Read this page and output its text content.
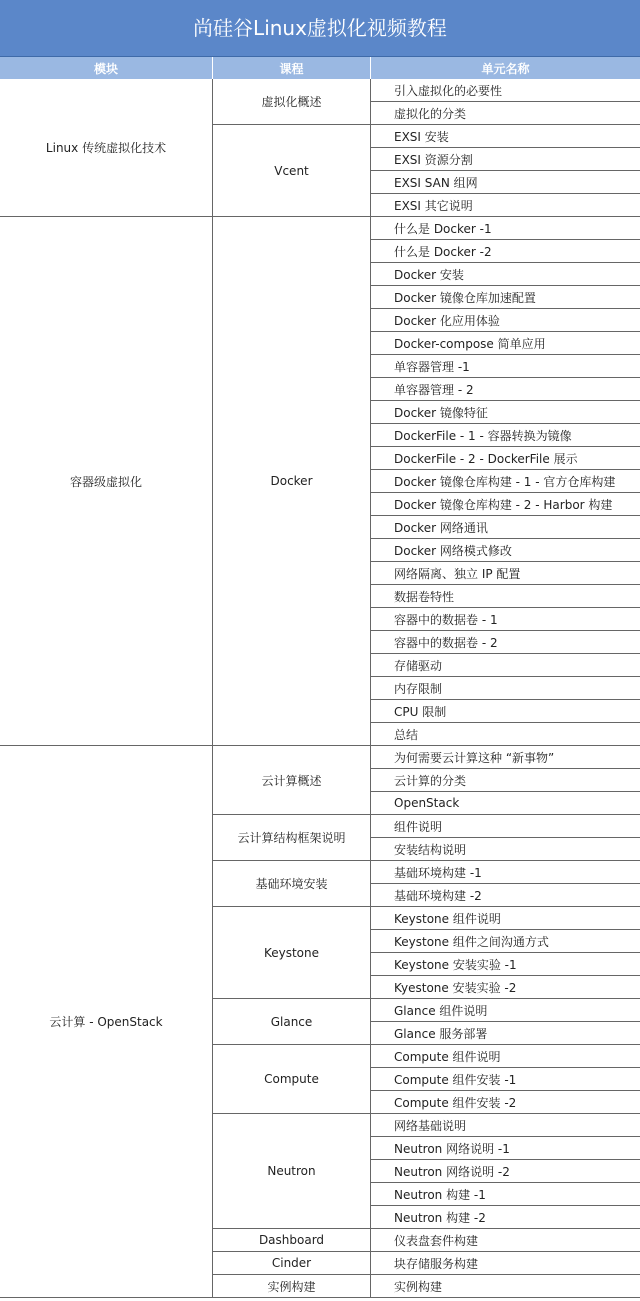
尚硅谷Linux虚拟化视频教程
模块	课程	单元名称
引入虚拟化的必要性
虚拟化的分类
虚拟化概述
EXSI 安装
EXSI 资源分割
EXSI SAN 组网
EXSI 其它说明
Vcent
Linux 传统虚拟化技术
什么是 Docker -1
什么是 Docker -2
Docker 安装
Docker 镜像仓库加速配置
Docker 化应用体验
Docker-compose 简单应用
单容器管理 -1
单容器管理 - 2
Docker 镜像特征
DockerFile - 1 - 容器转换为镜像
DockerFile - 2 - DockerFile 展示
Docker 镜像仓库构建 - 1 - 官方仓库构建
Docker 镜像仓库构建 - 2 - Harbor 构建
Docker 网络通讯
Docker 网络模式修改
网络隔离、独立 IP 配置
数据卷特性
容器中的数据卷 - 1
容器中的数据卷 - 2
存储驱动
内存限制
CPU 限制
总结
Docker
容器级虚拟化
为何需要云计算这种 “新事物”
云计算的分类
OpenStack
云计算概述
组件说明
安装结构说明
云计算结构框架说明
基础环境构建 -1
基础环境构建 -2
基础环境安装
Keystone 组件说明
Keystone 组件之间沟通方式
Keystone 安装实验 -1
Kyestone 安装实验 -2
Keystone
Glance 组件说明
Glance 服务部署
Glance
Compute 组件说明
Compute 组件安装 -1
Compute 组件安装 -2
Compute
网络基础说明
Neutron 网络说明 -1
Neutron 网络说明 -2
Neutron 构建 -1
Neutron 构建 -2
Neutron
仪表盘套件构建
Dashboard
块存储服务构建
Cinder
实例构建
实例构建
云计算 - OpenStack
